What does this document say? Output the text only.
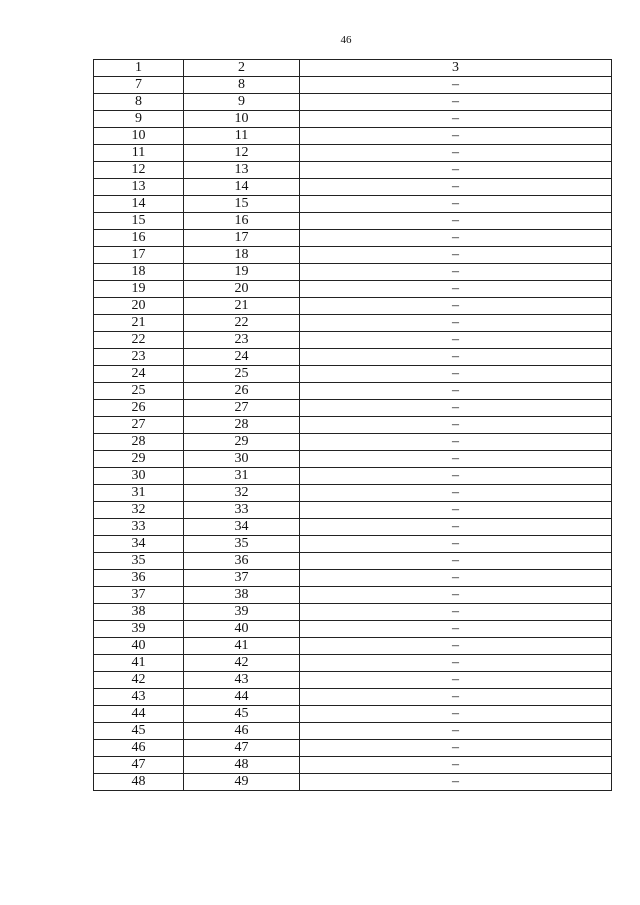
46
1	2	3
7	8	–
8	9	–
9	10	–
10	11	–
11	12	–
12	13	–
13	14	–
14	15	–
15	16	–
16	17	–
17	18	–
18	19	–
19	20	–
20	21	–
21	22	–
22	23	–
23	24	–
24	25	–
25	26	–
26	27	–
27	28	–
28	29	–
29	30	–
30	31	–
31	32	–
32	33	–
33	34	–
34	35	–
35	36	–
36	37	–
37	38	–
38	39	–
39	40	–
40	41	–
41	42	–
42	43	–
43	44	–
44	45	–
45	46	–
46	47	–
47	48	–
48	49	–
